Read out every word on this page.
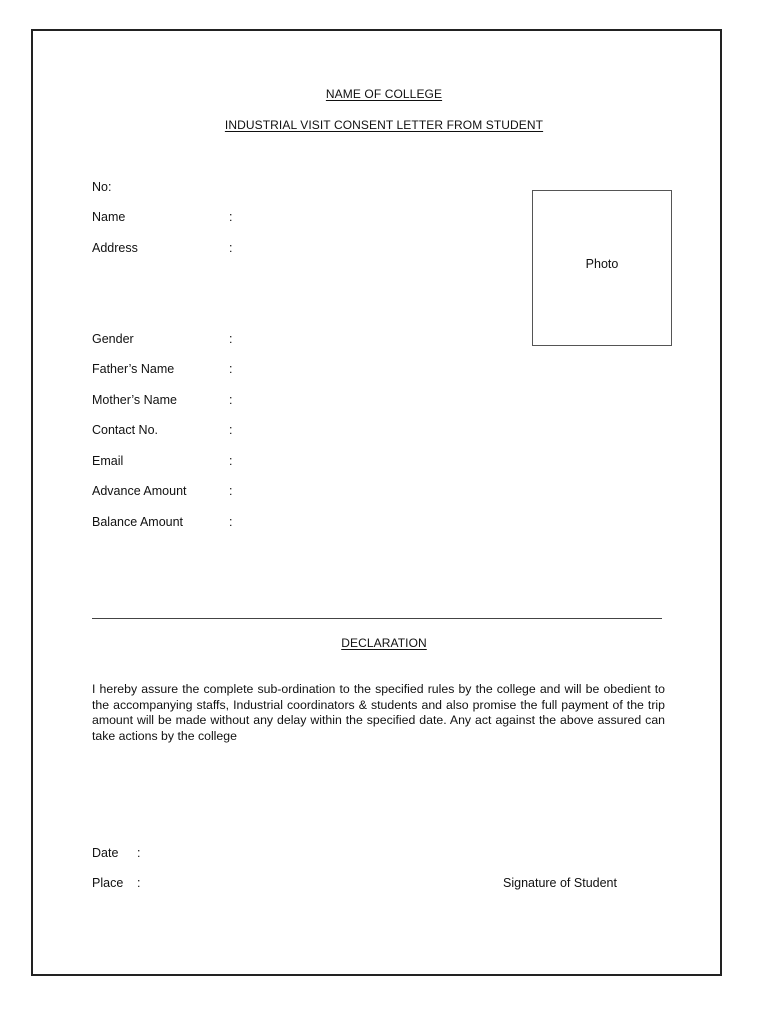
NAME OF COLLEGE
INDUSTRIAL VISIT CONSENT LETTER FROM STUDENT
No:
Name	:
Address	:
Gender	:
Father’s Name	:
Mother’s Name	:
Contact No.	:
Email	:
Advance Amount	:
Balance Amount	:
Photo
DECLARATION
I hereby assure the complete sub-ordination to the specified rules by the college and will be obedient to the accompanying staffs, Industrial coordinators & students and also promise the full payment of the trip amount will be made without any delay within the specified date. Any act against the above assured can take actions by the college
Date :
Place :	Signature of Student
